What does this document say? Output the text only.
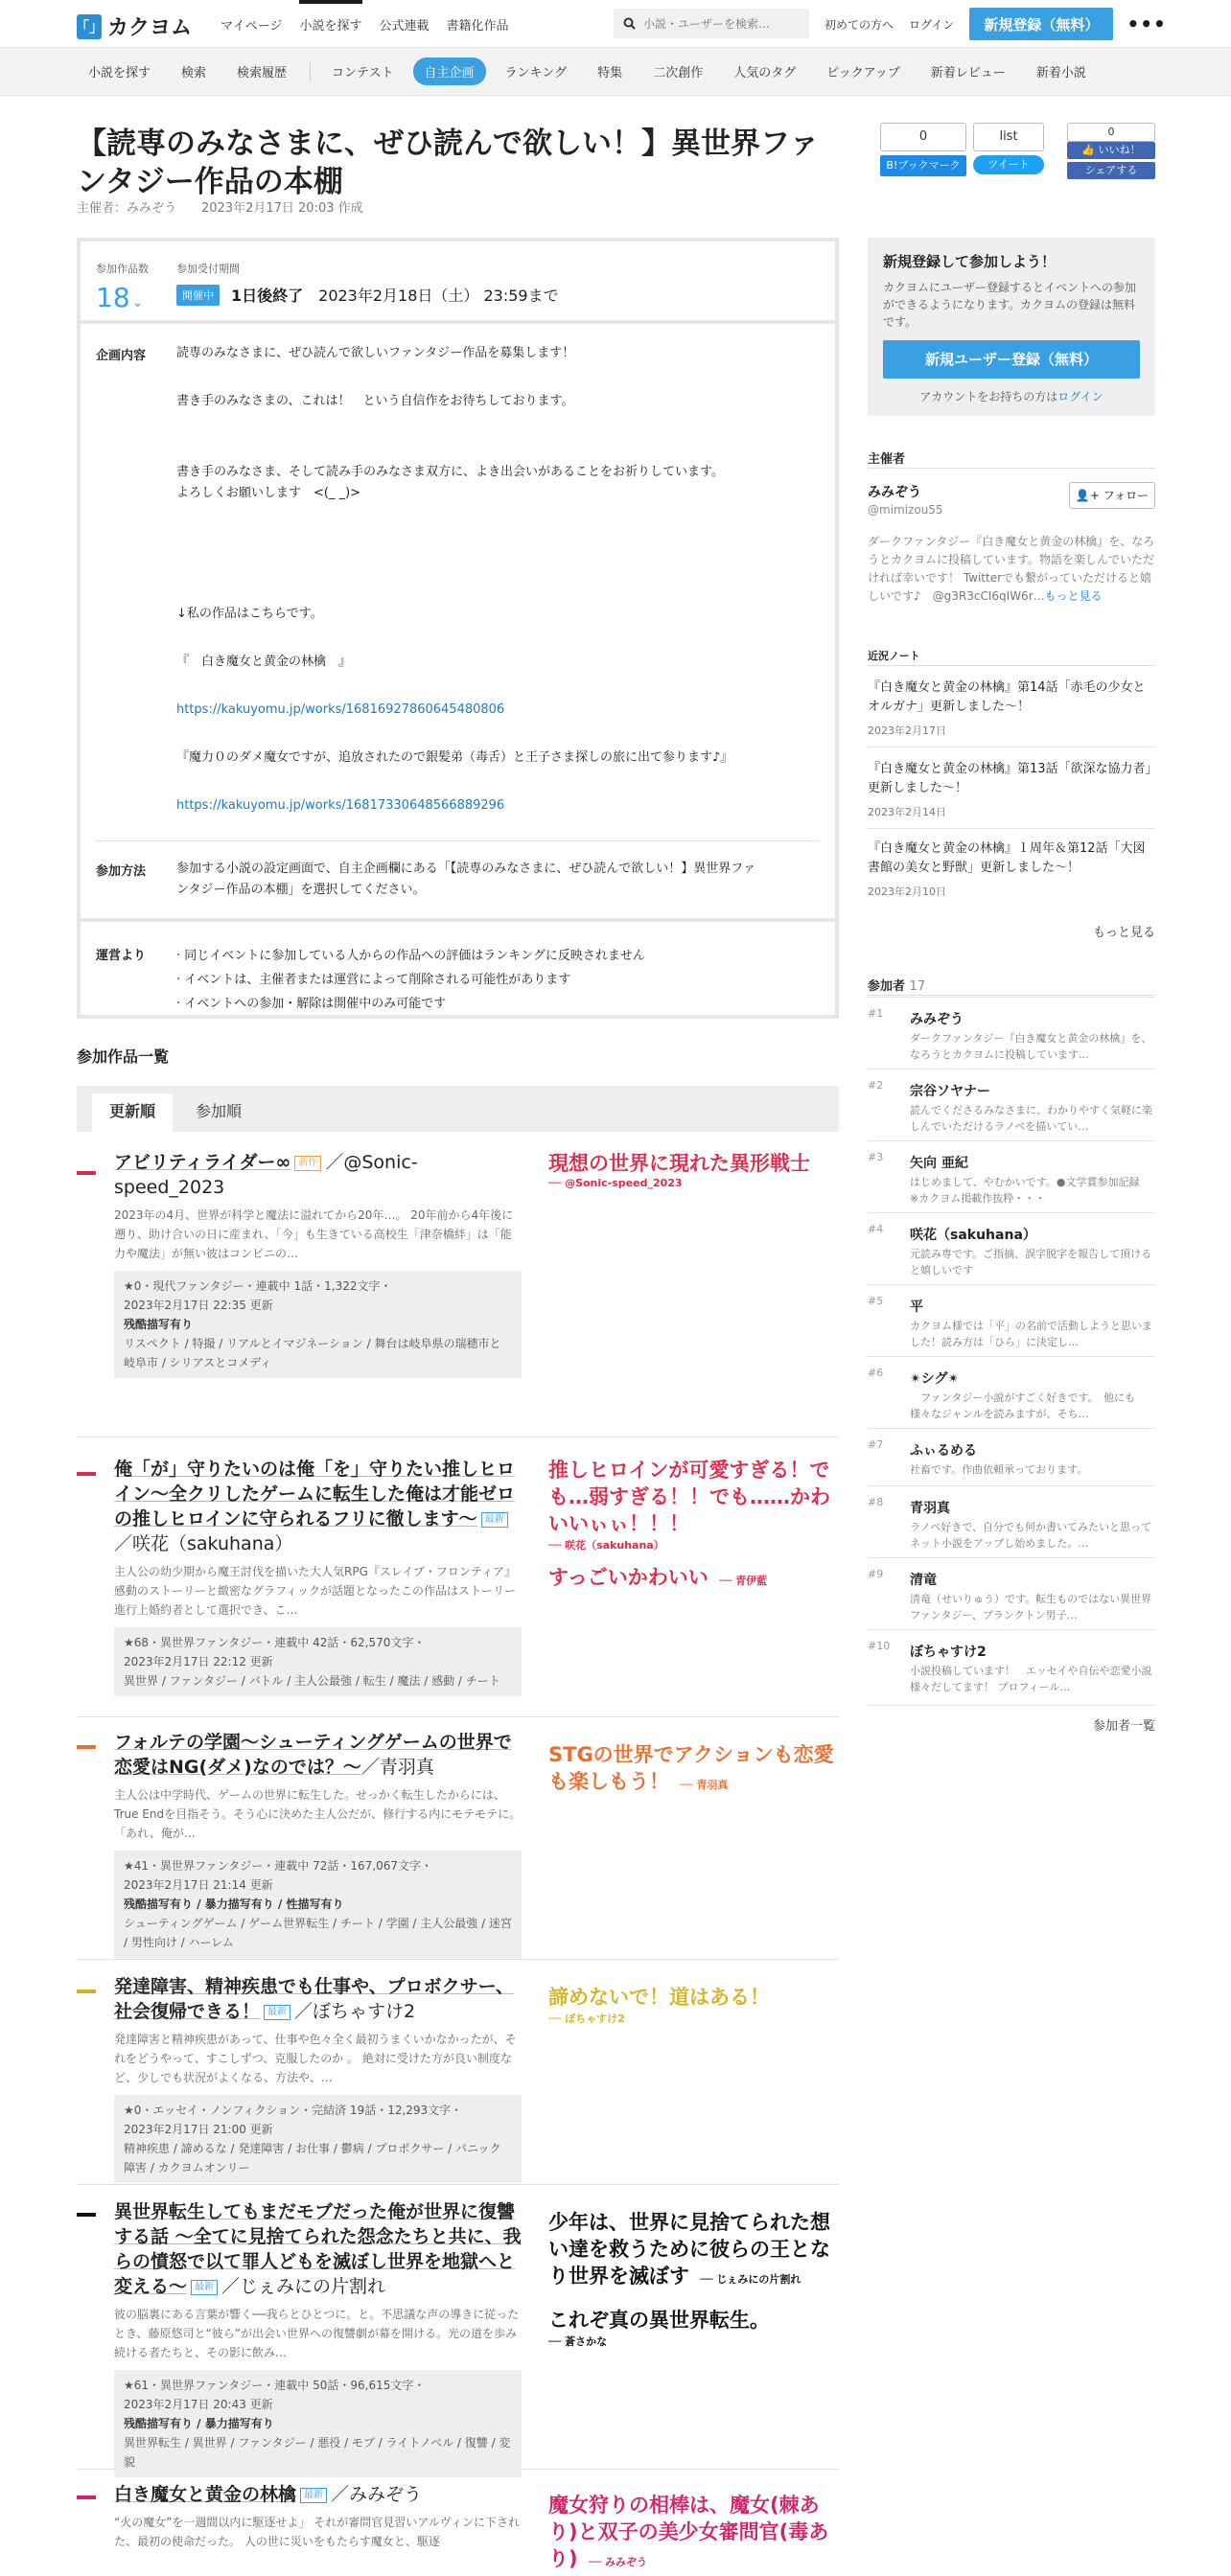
「」 カクヨム マイページ 小説を探す 公式連載 書籍化作品
小説・ユーザーを検索…	初めての方へ ログイン	新規登録（無料）	•••
小説を探す	検索	検索履歴	コンテスト	自主企画	ランキング	特集	二次創作	人気のタグ	ピックアップ	新着レビュー	新着小説
0
B!ブックマーク
list
ツイート
0
👍 いいね！
シェアする
【読専のみなさまに、ぜひ読んで欲しい！】異世界ファンタジー作品の本棚
主催者：みみぞう　　2023年2月17日 20:03 作成
参加作品数
18 ⌄
参加受付期間
開催中	1日後終了 2023年2月18日（土） 23:59まで
企画内容 読専のみなさまに、ぜひ読んで欲しいファンタジー作品を募集します！
書き手のみなさまの、これは！　という自信作をお待ちしております。
書き手のみなさま、そして読み手のみなさま双方に、よき出会いがあることをお祈りしています。
よろしくお願いします　<(_ _)>
↓私の作品はこちらです。
『　白き魔女と黄金の林檎　』
https://kakuyomu.jp/works/16816927860645480806
『魔力０のダメ魔女ですが、追放されたので銀髪弟（毒舌）と王子さま探しの旅に出て参ります♪』
https://kakuyomu.jp/works/16817330648566889296
参加方法 参加する小説の設定画面で、自主企画欄にある「【読専のみなさまに、ぜひ読んで欲しい！】異世界ファ
ンタジー作品の本棚」を選択してください。
運営より · 同じイベントに参加している人からの作品への評価はランキングに反映されません
· イベントは、主催者または運営によって削除される可能性があります
· イベントへの参加・解除は開催中のみ可能です
参加作品一覧
更新順	参加順
アビリティライダー∞ 新作 ／@Sonic-speed_2023
2023年の4月、世界が科学と魔法に溢れてから20年…。 20年前から4年後に遡り、助け合いの日に産まれ、「今」も生きている高校生「津奈橋絆」は「能力や魔法」が無い彼はコンビニの…
★0・現代ファンタジー・連載中 1話・1,322文字・
2023年2月17日 22:35 更新
残酷描写有り
リスペクト / 特撮 / リアルとイマジネーション / 舞台は岐阜県の瑞穂市と岐阜市 / シリアスとコメディ
現想の世界に現れた異形戦士
── @Sonic-speed_2023
俺「が」守りたいのは俺「を」守りたい推しヒロイン～全クリしたゲームに転生した俺は才能ゼロの推しヒロインに守られるフリに徹します～ 最新／咲花（sakuhana）
主人公の幼少期から魔王討伐を描いた大人気RPG『スレイブ・フロンティア』感動のストーリーと緻密なグラフィックが話題となったこの作品はストーリー進行上婚約者として選択でき、こ…
★68・異世界ファンタジー・連載中 42話・62,570文字・
2023年2月17日 22:12 更新
異世界 / ファンタジー / バトル / 主人公最強 / 転生 / 魔法 / 感動 / チート
推しヒロインが可愛すぎる！でも…弱すぎる！！でも……かわいいぃぃ！！！
── 咲花（sakuhana）
すっごいかわいい ── 青伊藍
フォルテの学園～シューティングゲームの世界で恋愛はNG(ダメ)なのでは？～／青羽真
主人公は中学時代、ゲームの世界に転生した。せっかく転生したからには、True Endを目指そう。そう心に決めた主人公だが、修行する内にモテモテに。「あれ、俺が…
★41・異世界ファンタジー・連載中 72話・167,067文字・
2023年2月17日 21:14 更新
残酷描写有り / 暴力描写有り / 性描写有り
シューティングゲーム / ゲーム世界転生 / チート / 学園 / 主人公最強 / 迷宮 / 男性向け / ハーレム
STGの世界でアクションも恋愛も楽しもう！ ── 青羽真
発達障害、精神疾患でも仕事や、プロボクサー、社会復帰できる！ 最新 ／ぼちゃすけ2
発達障害と精神疾患があって、仕事や色々全く最初うまくいかなかったが、それをどうやって、すこしずつ、克服したのか 。 絶対に受けた方が良い制度など、少しでも状況がよくなる、方法や、…
★0・エッセイ・ノンフィクション・完結済 19話・12,293文字・
2023年2月17日 21:00 更新
精神疾患 / 諦めるな / 発達障害 / お仕事 / 鬱病 / プロボクサー / パニック障害 / カクヨムオンリー
諦めないで！道はある！
── ぼちゃすけ2
異世界転生してもまだモブだった俺が世界に復讐する話 ～全てに見捨てられた怨念たちと共に、我らの憤怒で以て罪人どもを滅ぼし世界を地獄へと変える～ 最新 ／じぇみにの片割れ
彼の脳裏にある言葉が響く──我らとひとつに。と。不思議な声の導きに従ったとき、藤原悠司と“彼ら”が出会い世界への復讐劇が幕を開ける。光の道を歩み続ける者たちと、その影に飲み…
★61・異世界ファンタジー・連載中 50話・96,615文字・
2023年2月17日 20:43 更新
残酷描写有り / 暴力描写有り
異世界転生 / 異世界 / ファンタジー / 悪役 / モブ / ライトノベル / 復讐 / 変貌
少年は、世界に見捨てられた想い達を救うために彼らの王となり世界を滅ぼす ── じぇみにの片割れ
これぞ真の異世界転生。
── 蒼さかな
白き魔女と黄金の林檎 最新 ／みみぞう
“火の魔女”を一週間以内に駆逐せよ」 それが審問官見習いアルヴィンに下された、最初の使命だった。 人の世に災いをもたらす魔女と、駆逐
魔女狩りの相棒は、魔女(棘あり)と双子の美少女審問官(毒あり) ── みみぞう
新規登録して参加しよう！

カクヨムにユーザー登録するとイベントへの参加ができるようになります。カクヨムの登録は無料です。

新規ユーザー登録（無料）
アカウントをお持ちの方はログイン
主催者
みみぞう
@mimizou55
👤+ フォロー
ダークファンタジー『白き魔女と黄金の林檎』を、なろうとカクヨムに投稿しています。物語を楽しんでいただければ幸いです！ Twitterでも繋がっていただけると嬉しいです♪　@g3R3cCI6qIW6r…もっと見る
近況ノート
『白き魔女と黄金の林檎』第14話「赤毛の少女とオルガナ」更新しました～！
2023年2月17日
『白き魔女と黄金の林檎』第13話「欲深な協力者」更新しました～！
2023年2月14日
『白き魔女と黄金の林檎』１周年＆第12話「大図書館の美女と野獣」更新しました～！
2023年2月10日
もっと見る
参加者 17
#1 みみぞう
ダークファンタジー『白き魔女と黄金の林檎』を、なろうとカクヨムに投稿しています…
#2 宗谷ソヤナー
読んでくださるみなさまに、わかりやすく気軽に楽しんでいただけるラノベを描いてい…
#3 矢向 亜紀
はじめまして、やむかいです。●文学賞参加記録　※カクヨム掲載作抜粋・・・
#4 咲花（sakuhana）
元読み専です。ご指摘、誤字脱字を報告して頂けると嬉しいです
#5 平
カクヨム様では「平」の名前で活動しようと思いました！読み方は「ひら」に決定し…
#6 ✴シグ✴
　ファンタジー小説がすごく好きです。　他にも様々なジャンルを読みますが、そち…
#7 ふぃるめる
社畜です。作曲依頼承っております。
#8 青羽真
ラノベ好きで、自分でも何か書いてみたいと思ってネット小説をアップし始めました。…
#9 清竜
清竜（せいりゅう）です。転生ものではない異世界ファンタジー、ブランクトン男子…
#10 ぼちゃすけ2
小説投稿しています！　エッセイや自伝や恋愛小説様々だしてます！ プロフィール…
参加者一覧
